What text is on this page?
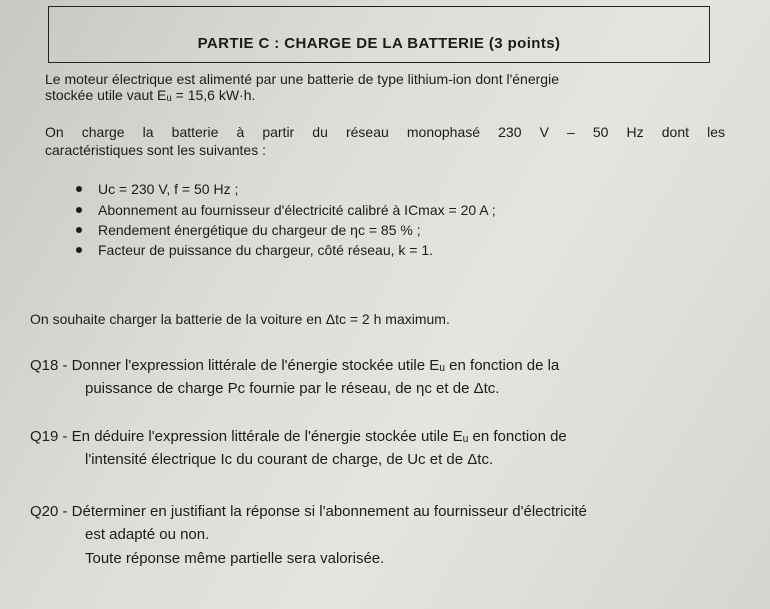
PARTIE C : CHARGE DE LA BATTERIE (3 points)
Le moteur électrique est alimenté par une batterie de type lithium-ion dont l'énergie
stockée utile vaut Eᵤ = 15,6 kW·h.
On charge la batterie à partir du réseau monophasé 230 V – 50 Hz dont les
caractéristiques sont les suivantes :
Uc = 230 V, f = 50 Hz ;
Abonnement au fournisseur d'électricité calibré à ICmax = 20 A ;
Rendement énergétique du chargeur de ηc = 85 % ;
Facteur de puissance du chargeur, côté réseau, k = 1.
On souhaite charger la batterie de la voiture en Δtc = 2 h maximum.
Q18 - Donner l'expression littérale de l'énergie stockée utile Eᵤ en fonction de la
puissance de charge Pc fournie par le réseau, de ηc et de Δtc.
Q19 - En déduire l'expression littérale de l'énergie stockée utile Eᵤ en fonction de
l'intensité électrique Ic du courant de charge, de Uc et de Δtc.
Q20 - Déterminer en justifiant la réponse si l'abonnement au fournisseur d'électricité
est adapté ou non.
Toute réponse même partielle sera valorisée.
